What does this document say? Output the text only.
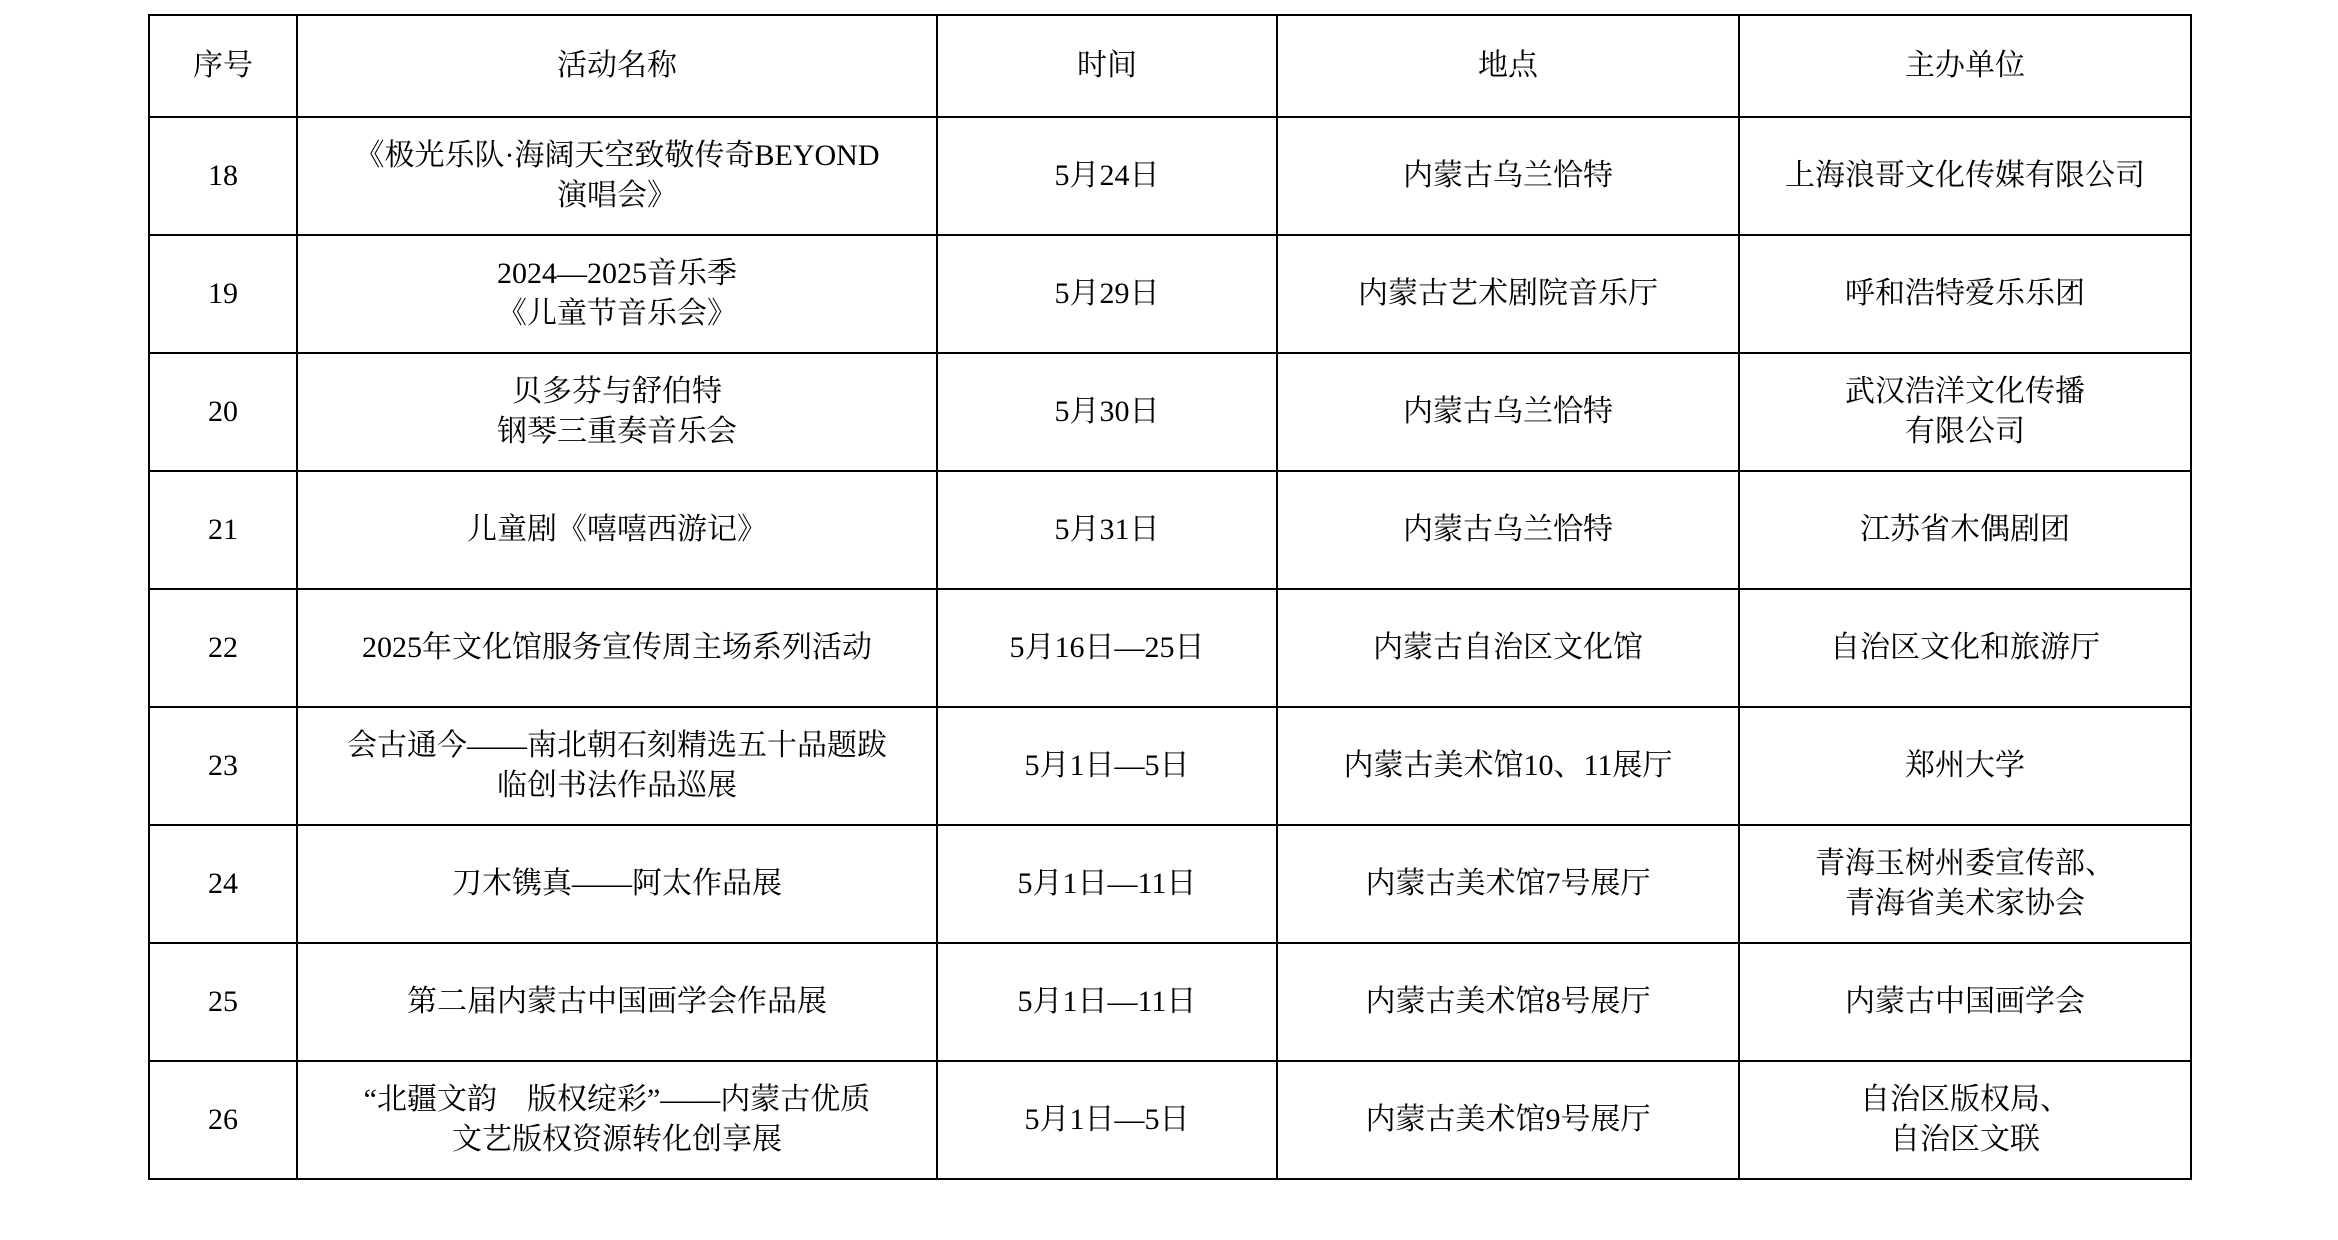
序号	活动名称	时间	地点	主办单位
18	《极光乐队·海阔天空致敬传奇BEYOND
演唱会》	5月24日	内蒙古乌兰恰特	上海浪哥文化传媒有限公司

19	2024—2025音乐季
《儿童节音乐会》	5月29日	内蒙古艺术剧院音乐厅	呼和浩特爱乐乐团

20	贝多芬与舒伯特
钢琴三重奏音乐会	5月30日	内蒙古乌兰恰特	武汉浩洋文化传播
有限公司

21	儿童剧《嘻嘻西游记》	5月31日	内蒙古乌兰恰特	江苏省木偶剧团

22	2025年文化馆服务宣传周主场系列活动	5月16日—25日	内蒙古自治区文化馆	自治区文化和旅游厅

23	会古通今——南北朝石刻精选五十品题跋
临创书法作品巡展	5月1日—5日	内蒙古美术馆10、11展厅	郑州大学

24	刀木镌真——阿太作品展	5月1日—11日	内蒙古美术馆7号展厅	青海玉树州委宣传部、
青海省美术家协会

25	第二届内蒙古中国画学会作品展	5月1日—11日	内蒙古美术馆8号展厅	内蒙古中国画学会

26	“北疆文韵　版权绽彩”——内蒙古优质
文艺版权资源转化创享展	5月1日—5日	内蒙古美术馆9号展厅	自治区版权局、
自治区文联
